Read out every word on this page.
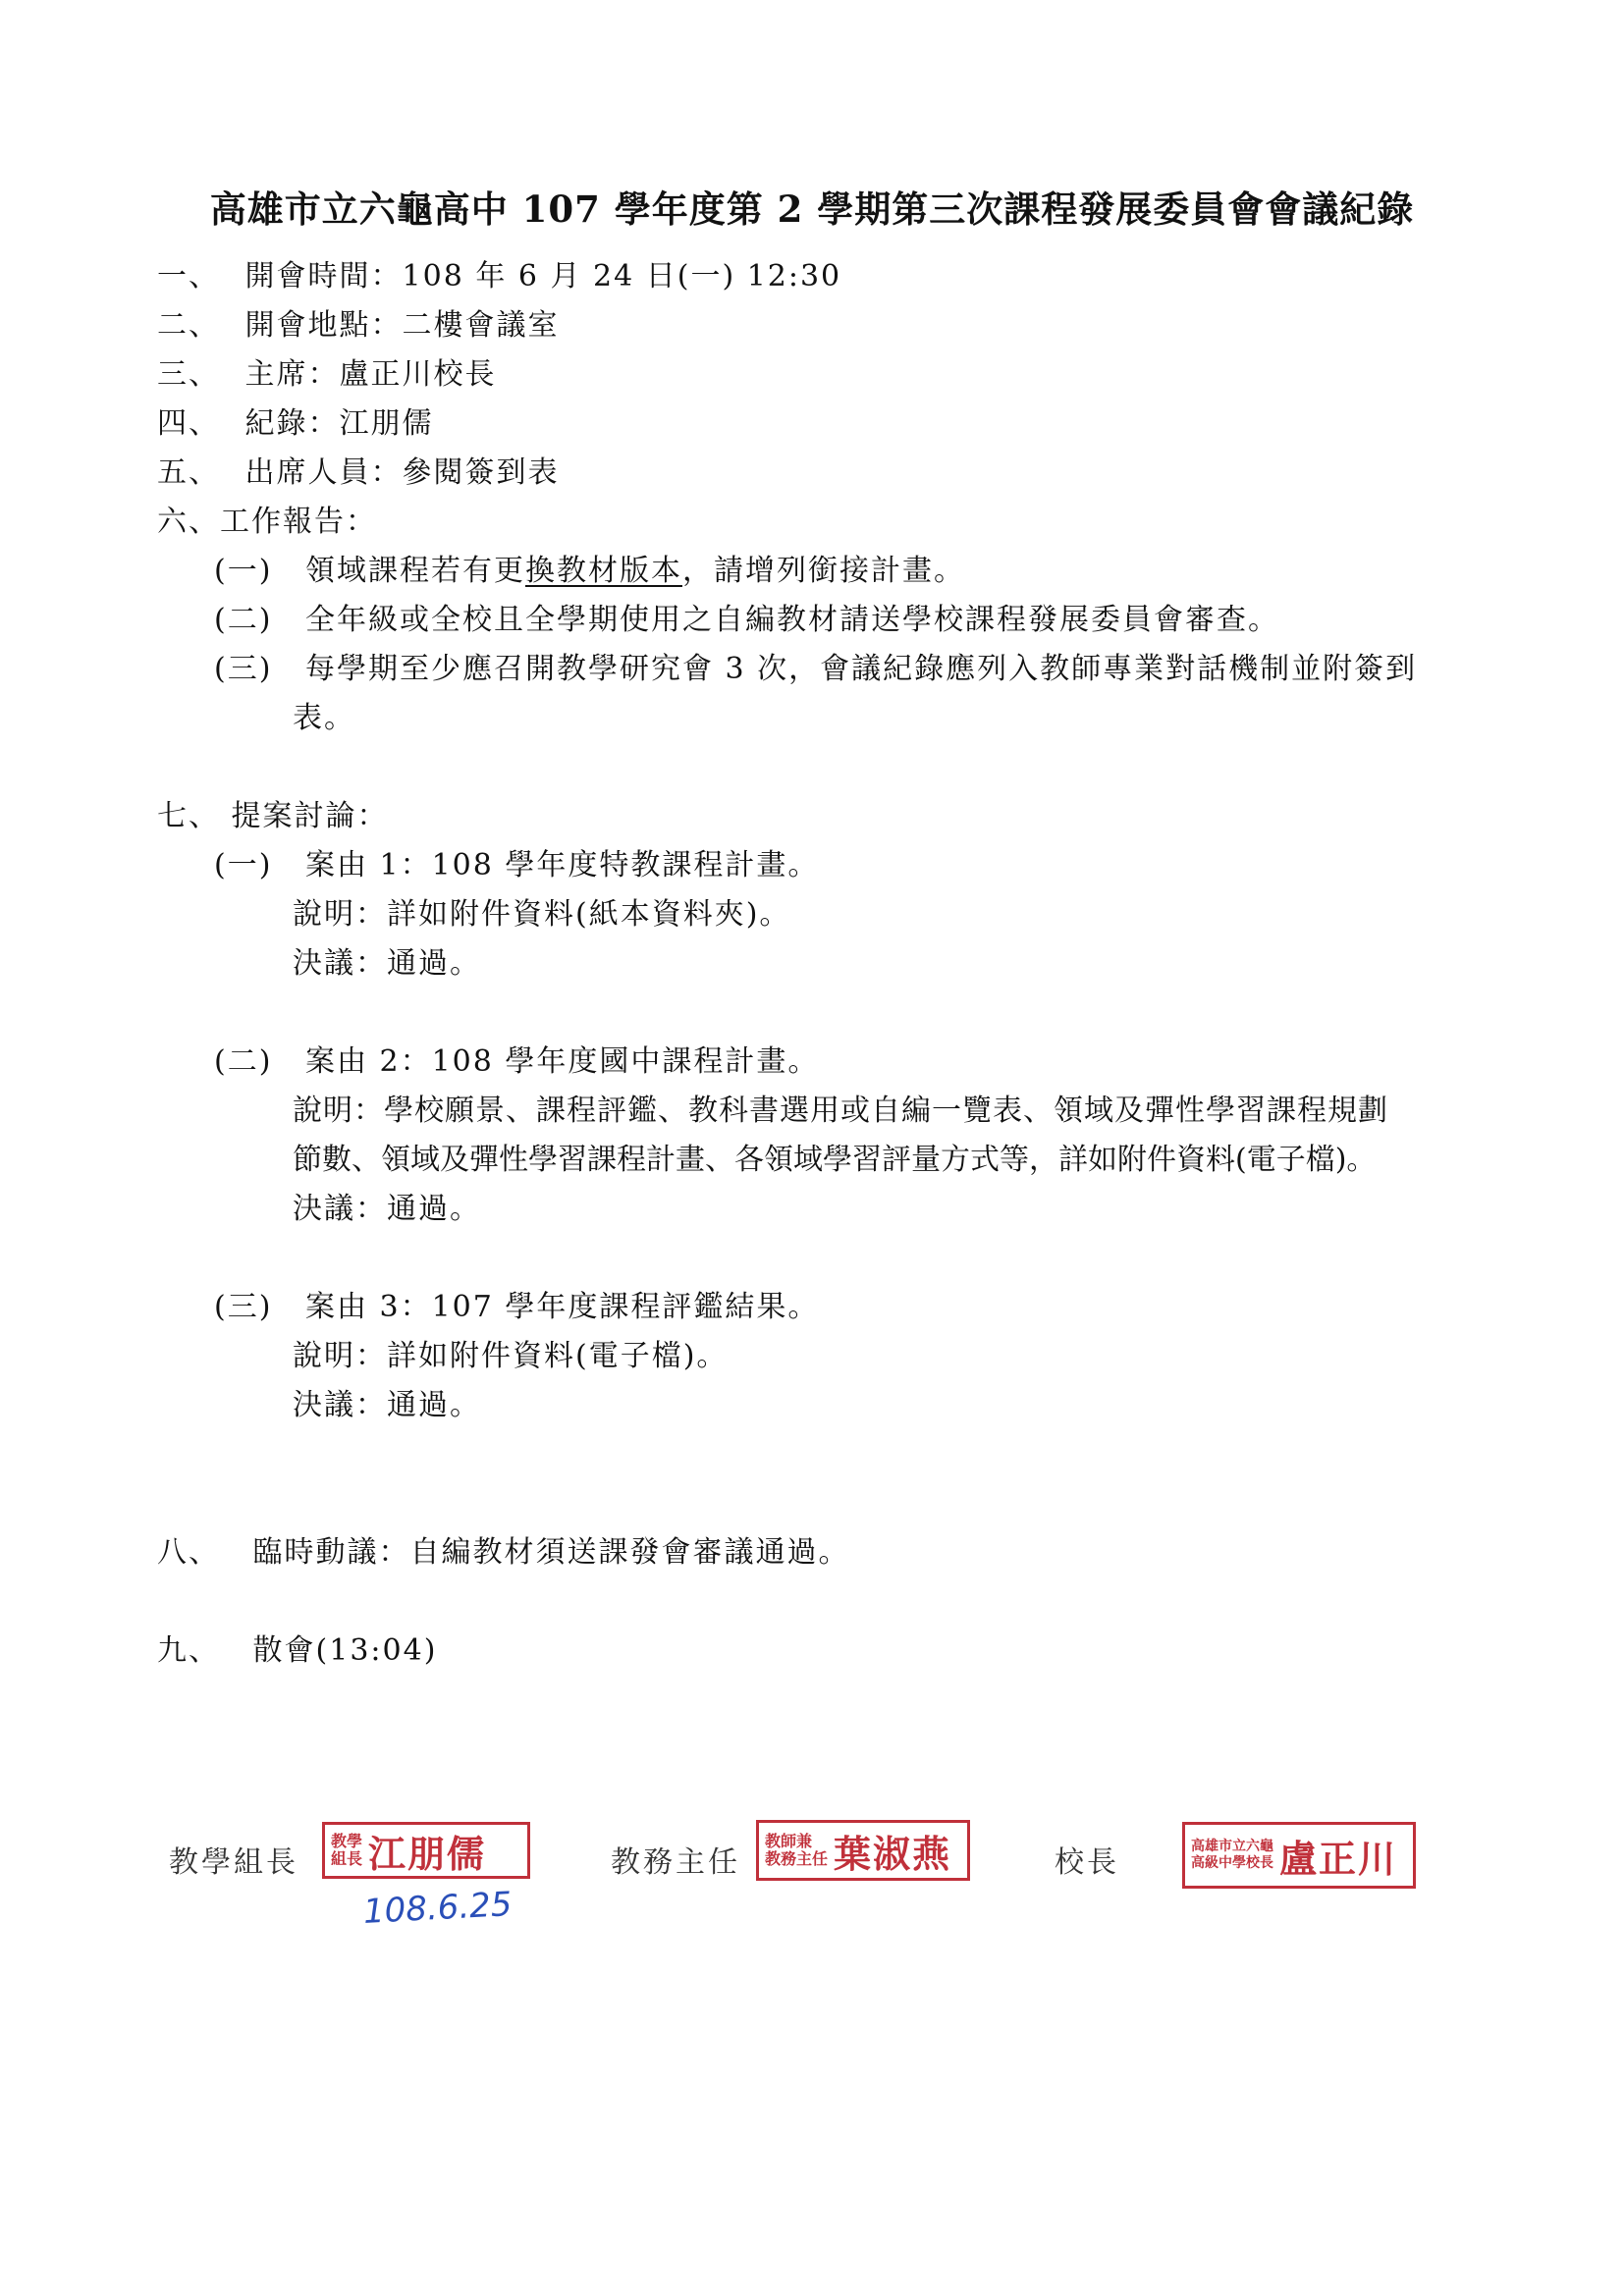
高雄市立六龜高中 107 學年度第 2 學期第三次課程發展委員會會議紀錄
一、 開會時間：108 年 6 月 24 日(一) 12:30
二、 開會地點：二樓會議室
三、 主席：盧正川校長
四、 紀錄：江朋儒
五、 出席人員：參閱簽到表
六、工作報告：
(一) 領域課程若有更換教材版本，請增列銜接計畫。
(二) 全年級或全校且全學期使用之自編教材請送學校課程發展委員會審查。
(三) 每學期至少應召開教學研究會 3 次，會議紀錄應列入教師專業對話機制並附簽到
表。
七、 提案討論：
(一) 案由 1：108 學年度特教課程計畫。
說明：詳如附件資料(紙本資料夾)。
決議：通過。
(二) 案由 2：108 學年度國中課程計畫。
說明：學校願景、課程評鑑、教科書選用或自編一覽表、領域及彈性學習課程規劃
節數、領域及彈性學習課程計畫、各領域學習評量方式等，詳如附件資料(電子檔)。
決議：通過。
(三) 案由 3：107 學年度課程評鑑結果。
說明：詳如附件資料(電子檔)。
決議：通過。
八、 臨時動議：自編教材須送課發會審議通過。
九、 散會(13:04)
教學組長
教學
組長 江朋儒
108.6.25
教務主任
教師兼
教務主任 葉淑燕	校長	高雄市立六龜
高級中學校長 盧正川
